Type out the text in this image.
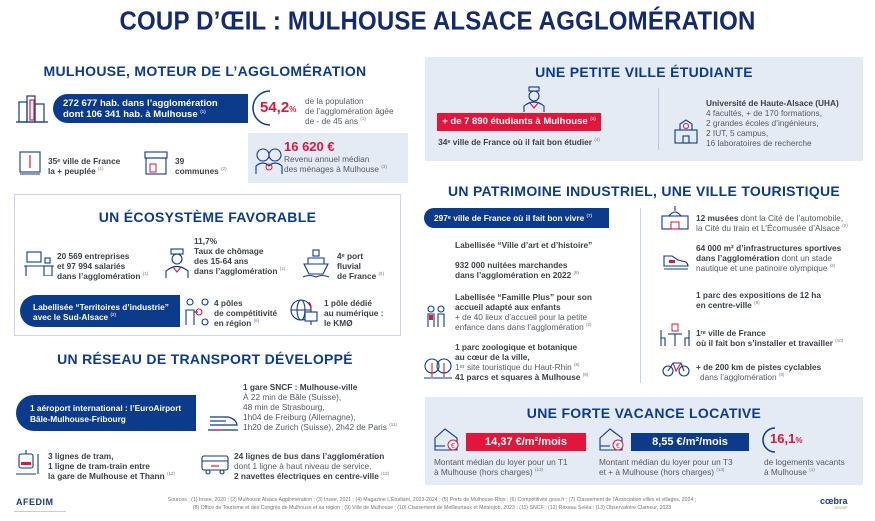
COUP D’ŒIL : MULHOUSE ALSACE AGGLOMÉRATION
MULHOUSE, MOTEUR DE L’AGGLOMÉRATION
272 677 hab. dans l’agglomération
dont 106 341 hab. à Mulhouse $^{(1)}$	54,2%
de la population
de l’agglomération âgée
de - de 45 ans $^{(1)}$
35ᵉ ville de France
la + peuplée $^{(1)}$
39
communes $^{(2)}$
16 620 €
Revenu annuel médian
des ménages à Mulhouse $^{(3)}$
UN ÉCOSYSTÈME FAVORABLE
20 569 entreprises
et 97 994 salariés
dans l’agglomération $^{(1)}$
11,7%
Taux de chômage
des 15-64 ans
dans l’agglomération $^{(1)}$
4ᵉ port
fluvial
de France $^{(5)}$
Labellisée “Territoires d’industrie”
avec le Sud-Alsace $^{(2)}$
4 pôles
de compétitivité
en région $^{(6)}$
1 pôle dédié
au numérique :
le KMØ
UN RÉSEAU DE TRANSPORT DÉVELOPPÉ
1 aéroport international : l’EuroAirport
Bâle-Mulhouse-Fribourg
1 gare SNCF : Mulhouse-ville
À 22 min de Bâle (Suisse),
48 min de Strasbourg,
1h04 de Freiburg (Allemagne),
1h20 de Zurich (Suisse), 2h42 de Paris $^{(11)}$
3 lignes de tram,
1 ligne de tram-train entre
la gare de Mulhouse et Thann $^{(12)}$
24 lignes de bus dans l’agglomération
dont 1 ligne à haut niveau de service,
2 navettes électriques en centre-ville $^{(12)}$
UNE PETITE VILLE ÉTUDIANTE
+ de 7 890 étudiants à Mulhouse $^{(2)}$
34ᵉ ville de France où il fait bon étudier $^{(4)}$
Université de Haute-Alsace (UHA)
4 facultés, + de 170 formations,
2 grandes écoles d’ingénieurs,
2 IUT, 5 campus,
16 laboratoires de recherche
UN PATRIMOINE INDUSTRIEL, UNE VILLE TOURISTIQUE
297ᵉ ville de France où il fait bon vivre $^{(7)}$
Labellisée “Ville d’art et d’histoire”
932 000 nuitées marchandes
dans l’agglomération en 2022 $^{(8)}$
Labellisée “Famille Plus” pour son
accueil adapté aux enfants
+ de 40 lieux d’accueil pour la petite
enfance dans dans l’agglomération $^{(2)}$
1 parc zoologique et botanique
au cœur de la ville,
1ᵉʳ site touristique du Haut-Rhin $^{(8)}$
41 parcs et squares à Mulhouse $^{(9)}$
12 musées dont la Cité de l’automobile,
la Cité du train et L’Écomusée d’Alsace $^{(2)}$
64 000 m² d’infrastructures sportives
dans l’agglomération dont un stade
nautique et une patinoire olympique $^{(2)}$
1 parc des expositions de 12 ha
en centre-ville $^{(8)}$
1ʳᵉ ville de France
où il fait bon s’installer et travailler $^{(10)}$
+ de 200 km de pistes cyclables
dans l’agglomération $^{(9)}$
UNE FORTE VACANCE LOCATIVE
€	14,37 €/m²/mois
Montant médian du loyer pour un T1
à Mulhouse (hors charges) $^{(13)}$
€	8,55 €/m²/mois
Montant médian du loyer pour un T3
et + à Mulhouse (hors charges) $^{(13)}$
16,1%
de logements vacants
à Mulhouse $^{(1)}$
AFEDIM	Sources : (1) Insee, 2020 ; (2) Mulhouse Alsace Agglomération ; (3) Insee, 2021 ; (4) Magazine L’Étudiant, 2023-2024 ; (5) Ports de Mulhouse-Rhin ; (6) Compétitivité.gouv.fr ; (7) Classement de l’Association villes et villages, 2024 ;
(8) Office de Tourisme et des Congrès de Mulhouse et sa région ; (9) Ville de Mulhouse ; (10) Classement de Meilleurtaux et Météojob, 2023 ; (11) SNCF ; (12) Réseau Soléa ; (13) Observatoire Clameur, 2023
cœbra
GROUP
